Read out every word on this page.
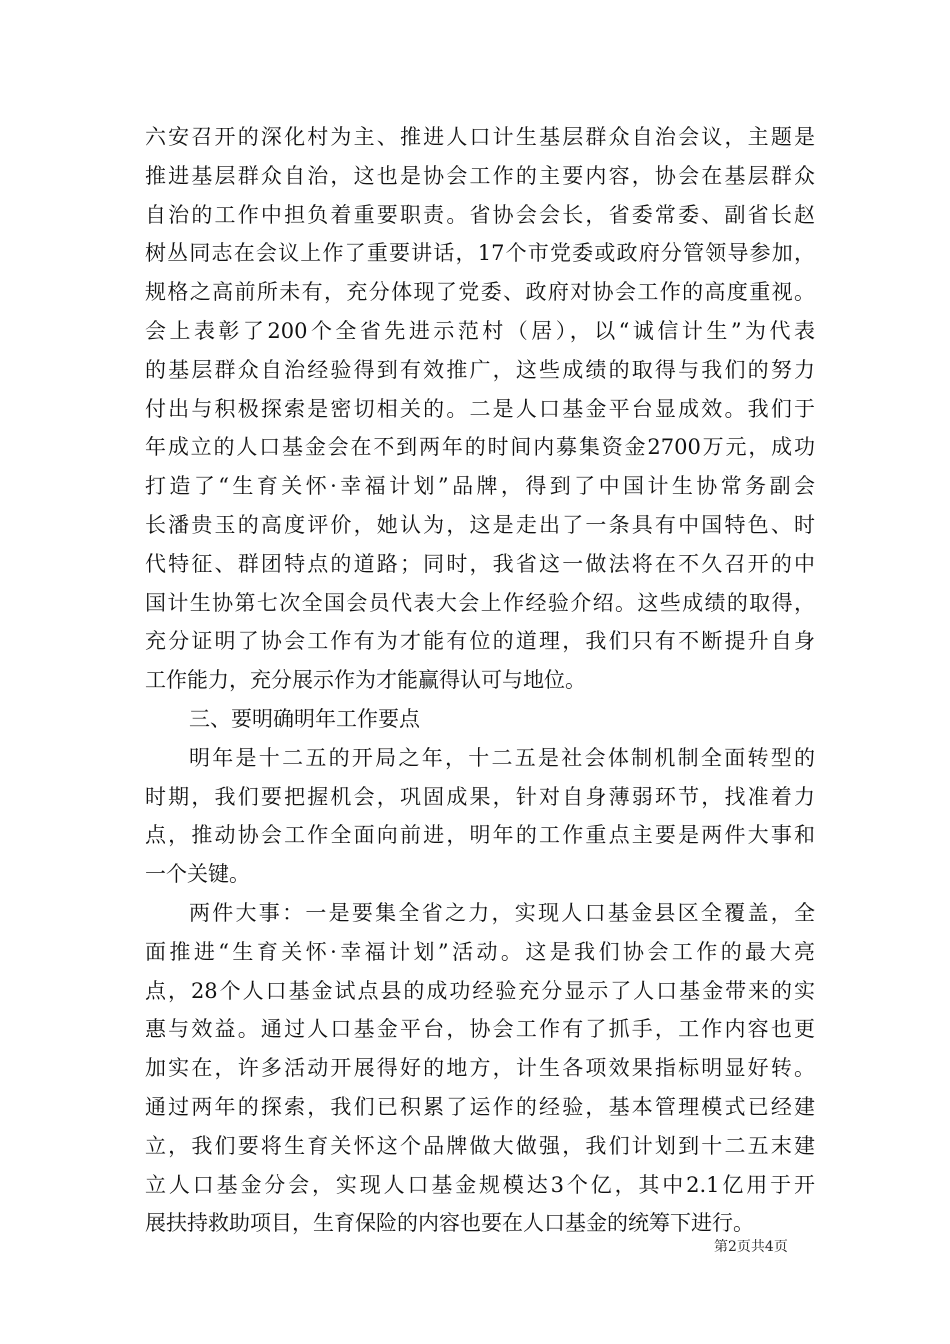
六安召开的深化村为主、推进人口计生基层群众自治会议，主题是
推进基层群众自治，这也是协会工作的主要内容，协会在基层群众
自治的工作中担负着重要职责。省协会会长，省委常委、副省长赵
树丛同志在会议上作了重要讲话，17个市党委或政府分管领导参加，
规格之高前所未有，充分体现了党委、政府对协会工作的高度重视。
会上表彰了200个全省先进示范村（居），以“诚信计生”为代表
的基层群众自治经验得到有效推广，这些成绩的取得与我们的努力
付出与积极探索是密切相关的。二是人口基金平台显成效。我们于
年成立的人口基金会在不到两年的时间内募集资金2700万元，成功
打造了“生育关怀·幸福计划”品牌，得到了中国计生协常务副会
长潘贵玉的高度评价，她认为，这是走出了一条具有中国特色、时
代特征、群团特点的道路；同时，我省这一做法将在不久召开的中
国计生协第七次全国会员代表大会上作经验介绍。这些成绩的取得，
充分证明了协会工作有为才能有位的道理，我们只有不断提升自身
工作能力，充分展示作为才能赢得认可与地位。
三、要明确明年工作要点
明年是十二五的开局之年，十二五是社会体制机制全面转型的
时期，我们要把握机会，巩固成果，针对自身薄弱环节，找准着力
点，推动协会工作全面向前进，明年的工作重点主要是两件大事和
一个关键。
两件大事：一是要集全省之力，实现人口基金县区全覆盖，全
面推进“生育关怀·幸福计划”活动。这是我们协会工作的最大亮
点，28个人口基金试点县的成功经验充分显示了人口基金带来的实
惠与效益。通过人口基金平台，协会工作有了抓手，工作内容也更
加实在，许多活动开展得好的地方，计生各项效果指标明显好转。
通过两年的探索，我们已积累了运作的经验，基本管理模式已经建
立，我们要将生育关怀这个品牌做大做强，我们计划到十二五末建
立人口基金分会，实现人口基金规模达3个亿，其中2.1亿用于开
展扶持救助项目，生育保险的内容也要在人口基金的统筹下进行。
第2页共4页
